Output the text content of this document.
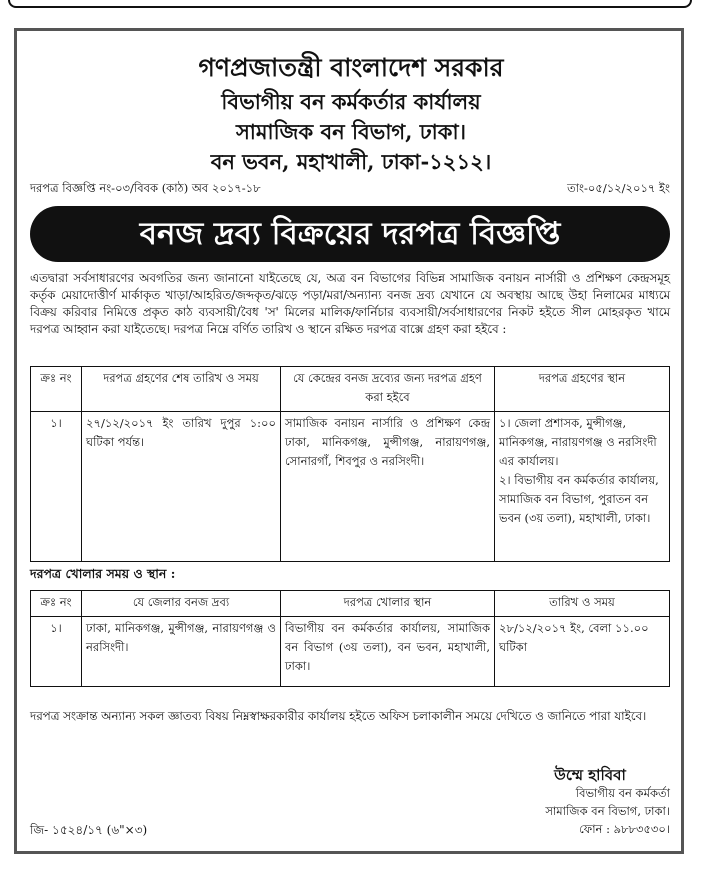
গণপ্রজাতন্ত্রী বাংলাদেশ সরকার
বিভাগীয় বন কর্মকর্তার কার্যালয়
সামাজিক বন বিভাগ, ঢাকা।
বন ভবন, মহাখালী, ঢাকা-১২১২।
দরপত্র বিজ্ঞপ্তি নং-০৩/বিবক (কাঠ) অব ২০১৭-১৮	তাং-০৫/১২/২০১৭ ইং
বনজ দ্রব্য বিক্রয়ের দরপত্র বিজ্ঞপ্তি
এতদ্বারা সর্বসাধারণের অবগতির জন্য জানানো যাইতেছে যে, অত্র বন বিভাগের বিভিন্ন সামাজিক বনায়ন নার্সারী ও প্রশিক্ষণ কেন্দ্রসমূহ কর্তৃক মেয়াদোত্তীর্ণ মার্কাকৃত খাড়া/আহরিত/জব্দকৃত/ঝড়ে পড়া/মরা/অন্যান্য বনজ দ্রব্য যেখানে যে অবস্থায় আছে উহা নিলামের মাধ্যমে বিক্রয় করিবার নিমিত্তে প্রকৃত কাঠ ব্যবসায়ী/বৈধ 'স' মিলের মালিক/ফার্নিচার ব্যবসায়ী/সর্বসাধারণের নিকট হইতে সীল মোহরকৃত খামে দরপত্র আহ্বান করা যাইতেছে। দরপত্র নিম্নে বর্ণিত তারিখ ও স্থানে রক্ষিত দরপত্র বাক্সে গ্রহণ করা হইবে :
ক্রঃ নং	দরপত্র গ্রহণের শেষ তারিখ ও সময়	যে কেন্দ্রের বনজ দ্রব্যের জন্য দরপত্র গ্রহণ করা হইবে	দরপত্র গ্রহণের স্থান
১।	২৭/১২/২০১৭ ইং তারিখ দুপুর ১:০০ ঘটিকা পর্যন্ত।	সামাজিক বনায়ন নার্সারি ও প্রশিক্ষণ কেন্দ্র ঢাকা, মানিকগঞ্জ, মুন্সীগঞ্জ, নারায়ণগঞ্জ, সোনারগাঁ, শিবপুর ও নরসিংদী।	১। জেলা প্রশাসক, মুন্সীগঞ্জ, মানিকগঞ্জ, নারায়ণগঞ্জ ও নরসিংদী এর কার্যালয়।
২। বিভাগীয় বন কর্মকর্তার কার্যালয়, সামাজিক বন বিভাগ, পুরাতন বন ভবন (৩য় তলা), মহাখালী, ঢাকা।
দরপত্র খোলার সময় ও স্থান :
ক্রঃ নং	যে জেলার বনজ দ্রব্য	দরপত্র খোলার স্থান	তারিখ ও সময়
১।	ঢাকা, মানিকগঞ্জ, মুন্সীগঞ্জ, নারায়ণগঞ্জ ও নরসিংদী।	বিভাগীয় বন কর্মকর্তার কার্যালয়, সামাজিক বন বিভাগ (৩য় তলা), বন ভবন, মহাখালী, ঢাকা।	২৮/১২/২০১৭ ইং, বেলা ১১.০০ ঘটিকা
দরপত্র সংক্রান্ত অন্যান্য সকল জ্ঞাতব্য বিষয় নিম্নস্বাক্ষরকারীর কার্যালয় হইতে অফিস চলাকালীন সময়ে দেখিতে ও জানিতে পারা যাইবে।
উম্মে হাবিবা
বিভাগীয় বন কর্মকর্তা
সামাজিক বন বিভাগ, ঢাকা।
ফোন : ৯৮৮৩৫৩০।
জি- ১৫২৪/১৭ (৬"×৩)
